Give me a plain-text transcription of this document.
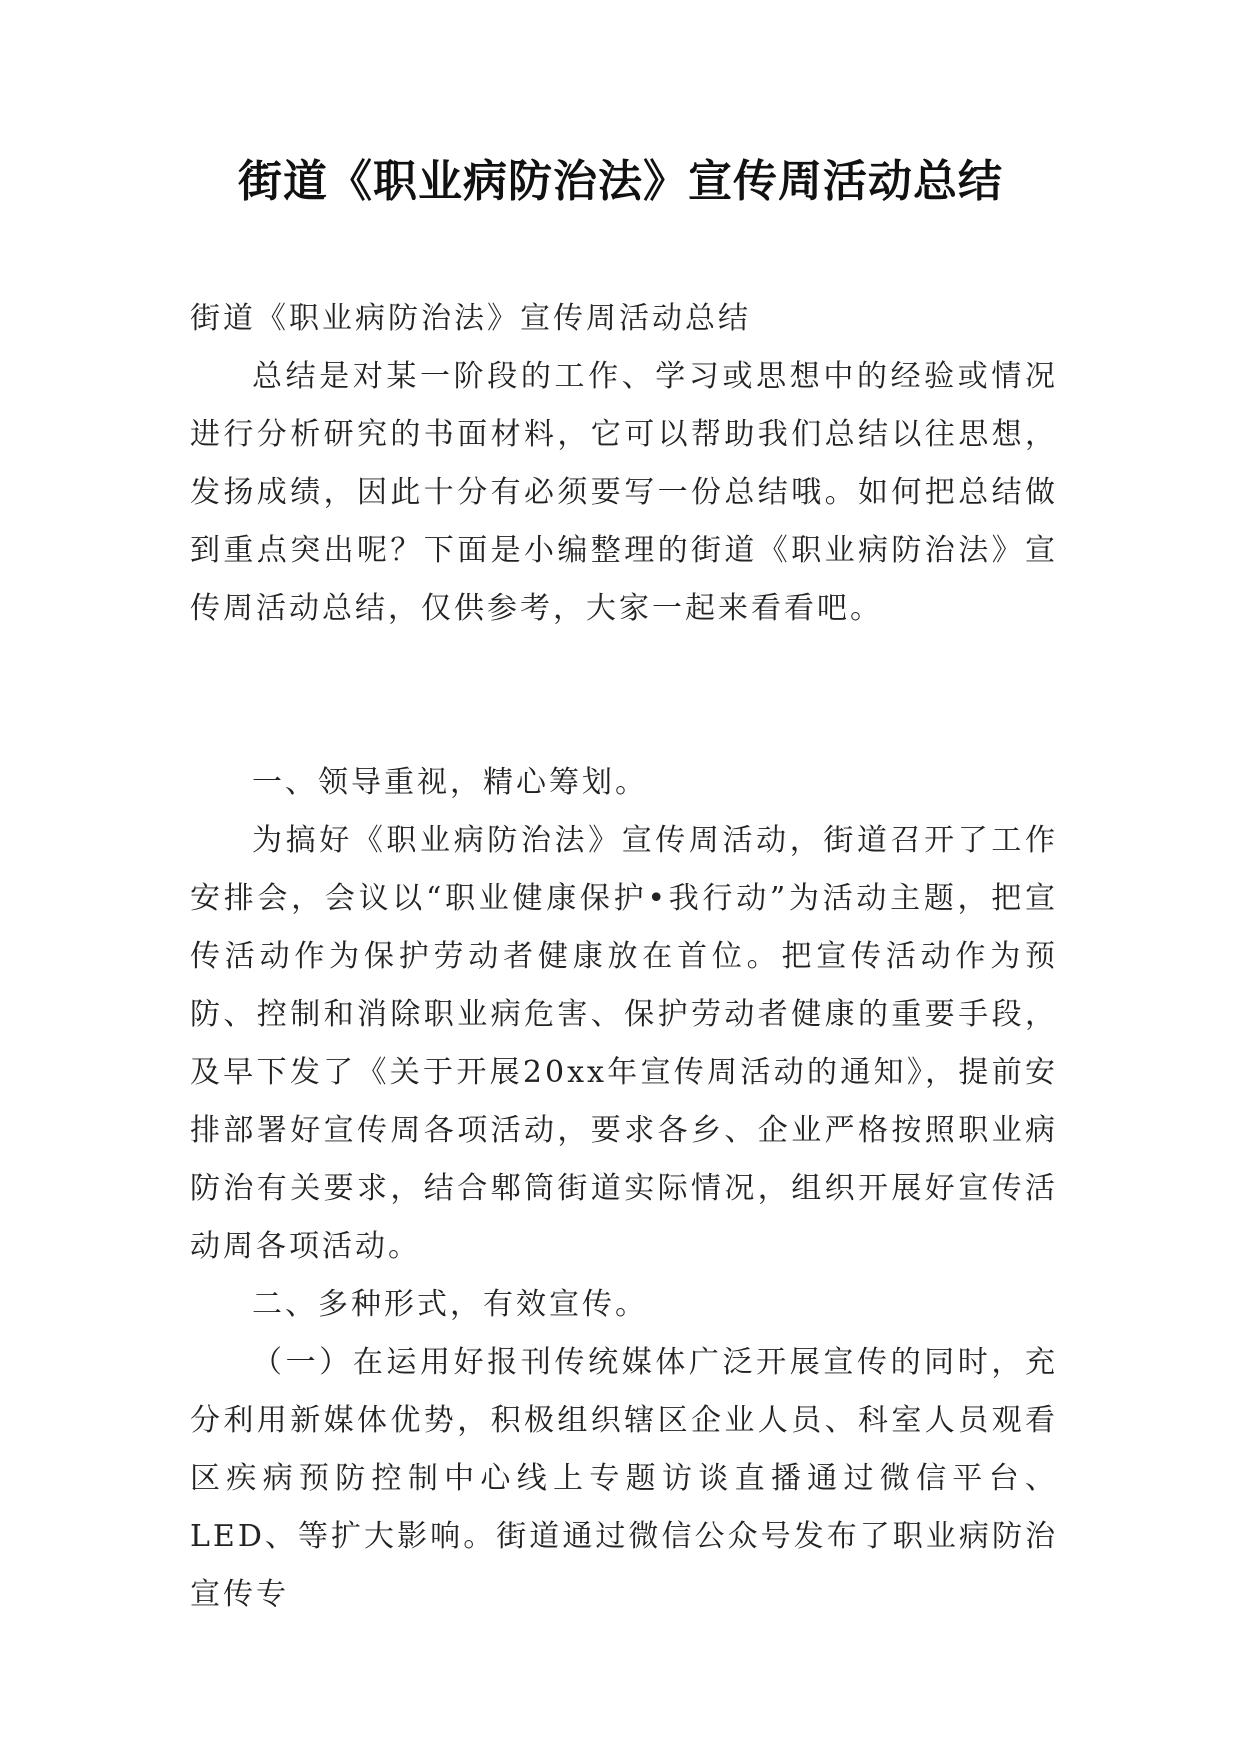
街道《职业病防治法》宣传周活动总结

街道《职业病防治法》宣传周活动总结

总结是对某一阶段的工作、学习或思想中的经验或情况进行分析研究的书面材料，它可以帮助我们总结以往思想，发扬成绩，因此十分有必须要写一份总结哦。如何把总结做到重点突出呢？下面是小编整理的街道《职业病防治法》宣传周活动总结，仅供参考，大家一起来看看吧。

一、领导重视，精心筹划。

为搞好《职业病防治法》宣传周活动，街道召开了工作安排会，会议以“职业健康保护•我行动”为活动主题，把宣传活动作为保护劳动者健康放在首位。把宣传活动作为预防、控制和消除职业病危害、保护劳动者健康的重要手段，及早下发了《关于开展20xx年宣传周活动的通知》，提前安排部署好宣传周各项活动，要求各乡、企业严格按照职业病防治有关要求，结合郫筒街道实际情况，组织开展好宣传活动周各项活动。

二、多种形式，有效宣传。

（一）在运用好报刊传统媒体广泛开展宣传的同时，充分利用新媒体优势，积极组织辖区企业人员、科室人员观看区疾病预防控制中心线上专题访谈直播通过微信平台、LED、等扩大影响。街道通过微信公众号发布了职业病防治宣传专
